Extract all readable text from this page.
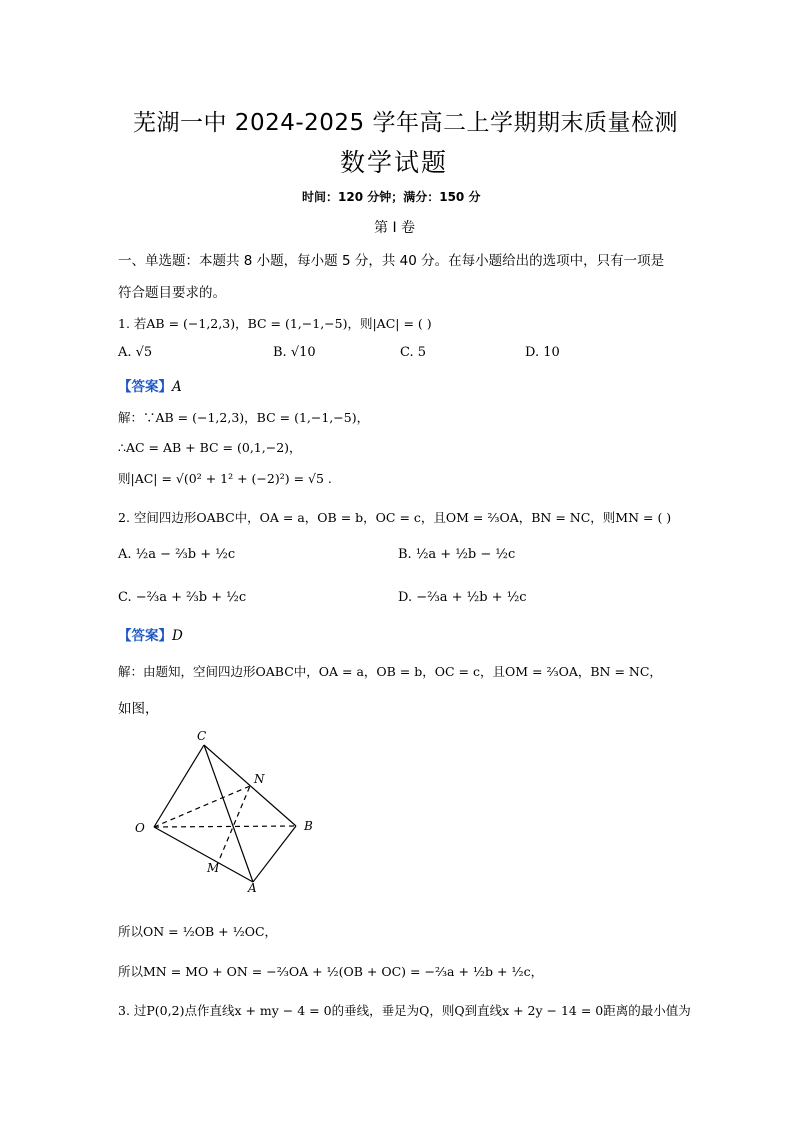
芜湖一中 2024-2025 学年高二上学期期末质量检测
数学试题
时间：120 分钟；满分：150 分
第 I 卷
一、单选题：本题共 8 小题，每小题 5 分，共 40 分。在每小题给出的选项中，只有一项是
符合题目要求的。
1. 若AB = (−1,2,3)，BC = (1,−1,−5)，则|AC| = ( )
A. √5	B. √10	C. 5	D. 10
【答案】A
解：∵AB = (−1,2,3)，BC = (1,−1,−5)，
∴AC = AB + BC = (0,1,−2)，
则|AC| = √(0² + 1² + (−2)²) = √5 .
2. 空间四边形OABC中，OA = a，OB = b，OC = c，且OM = ⅔OA，BN = NC，则MN = ( )
A. ½a − ⅔b + ½c	B. ½a + ½b − ½c
C. −⅔a + ⅔b + ½c	D. −⅔a + ½b + ½c
【答案】D
解：由题知，空间四边形OABC中，OA = a，OB = b，OC = c，且OM = ⅔OA，BN = NC，
如图，
C
N
O	B
M
A
所以ON = ½OB + ½OC，
所以MN = MO + ON = −⅔OA + ½(OB + OC) = −⅔a + ½b + ½c，
3. 过P(0,2)点作直线x + my − 4 = 0的垂线，垂足为Q，则Q到直线x + 2y − 14 = 0距离的最小值为
